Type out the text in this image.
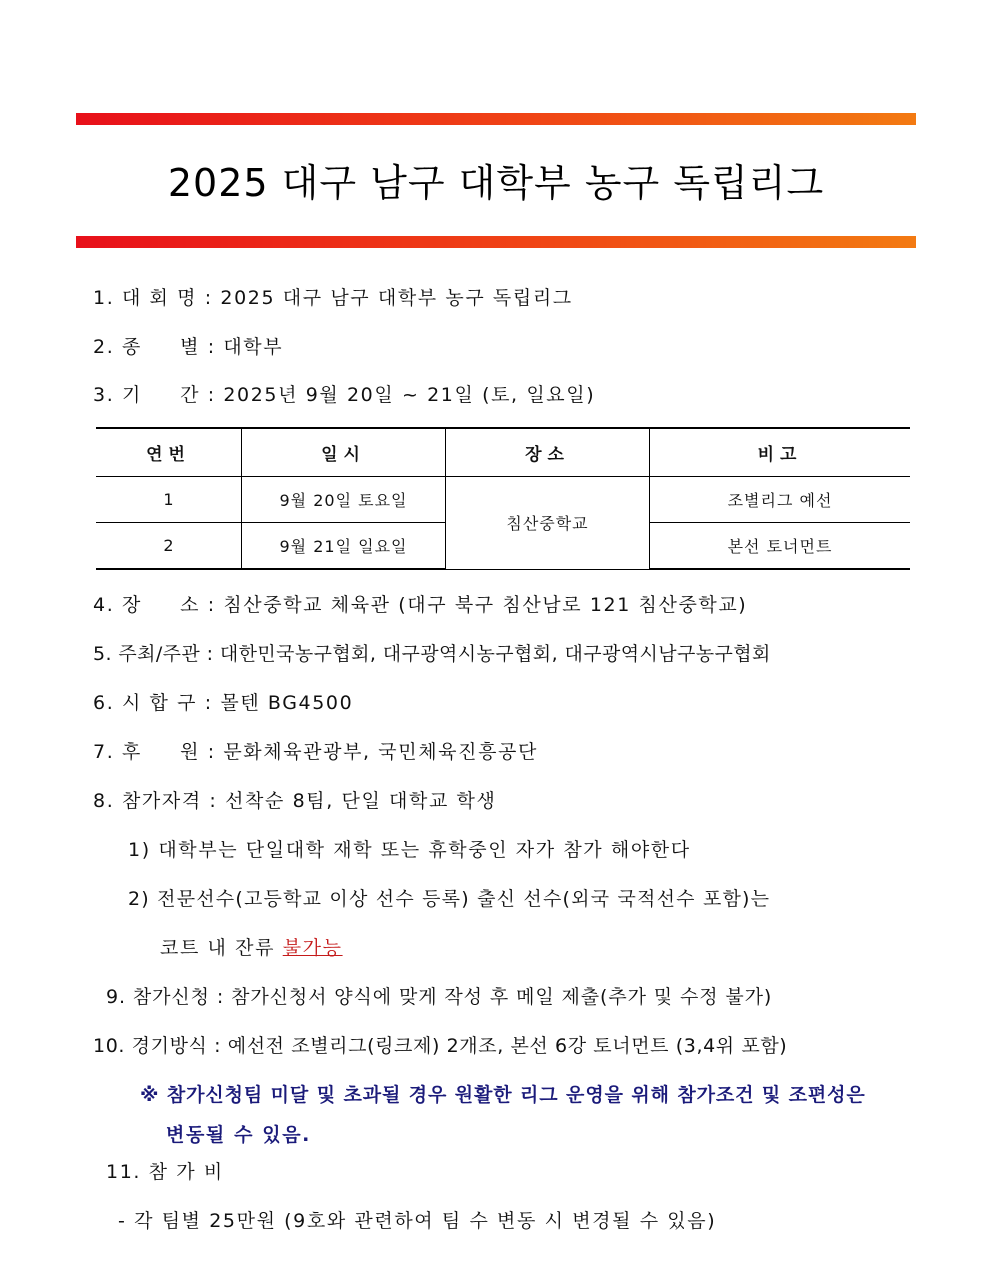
2025 대구 남구 대학부 농구 독립리그
1. 대 회 명 : 2025 대구 남구 대학부 농구 독립리그
2. 종     별 : 대학부
3. 기     간 : 2025년 9월 20일 ~ 21일 (토, 일요일)
연번	일시	장소	비고
1	9월 20일 토요일	침산중학교	조별리그 예선
2	9월 21일 일요일		본선 토너먼트
4. 장     소 : 침산중학교 체육관 (대구 북구 침산남로 121 침산중학교)
5. 주최/주관 : 대한민국농구협회, 대구광역시농구협회, 대구광역시남구농구협회
6. 시 합 구 : 몰텐 BG4500
7. 후     원 : 문화체육관광부, 국민체육진흥공단
8. 참가자격 : 선착순 8팀, 단일 대학교 학생
1) 대학부는 단일대학 재학 또는 휴학중인 자가 참가 해야한다
2) 전문선수(고등학교 이상 선수 등록) 출신 선수(외국 국적선수 포함)는
코트 내 잔류 불가능
9. 참가신청 : 참가신청서 양식에 맞게 작성 후 메일 제출(추가 및 수정 불가)
10. 경기방식 : 예선전 조별리그(링크제) 2개조, 본선 6강 토너먼트 (3,4위 포함)
※ 참가신청팀 미달 및 초과될 경우 원활한 리그 운영을 위해 참가조건 및 조편성은
변동될 수 있음.
11. 참 가 비
- 각 팀별 25만원 (9호와 관련하여 팀 수 변동 시 변경될 수 있음)
